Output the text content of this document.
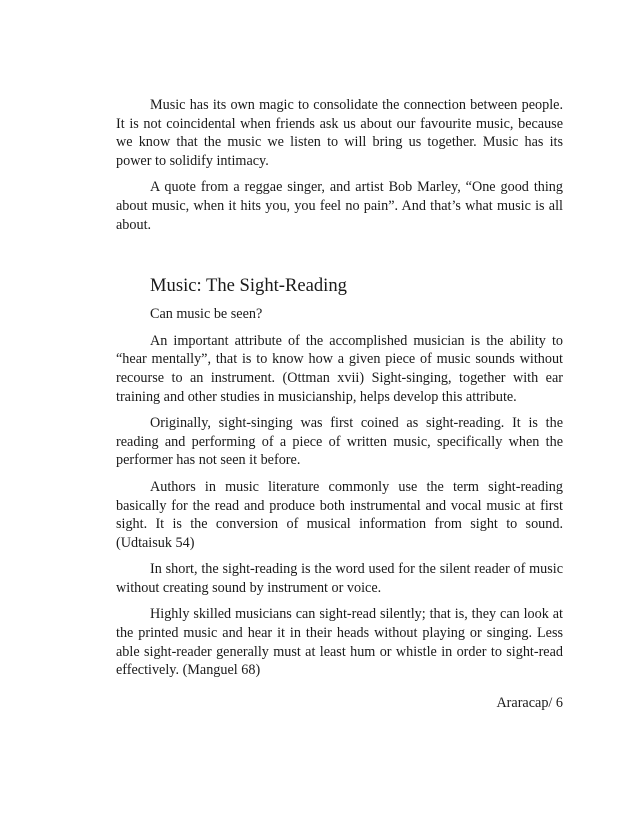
Music has its own magic to consolidate the connection between people. It is not coincidental when friends ask us about our favourite music, because we know that the music we listen to will bring us together. Music has its power to solidify intimacy.

A quote from a reggae singer, and artist Bob Marley, “One good thing about music, when it hits you, you feel no pain”. And that’s what music is all about.

Music: The Sight-Reading

Can music be seen?

An important attribute of the accomplished musician is the ability to “hear mentally”, that is to know how a given piece of music sounds without recourse to an instrument. (Ottman xvii) Sight-singing, together with ear training and other studies in musicianship, helps develop this attribute.

Originally, sight-singing was first coined as sight-reading. It is the reading and performing of a piece of written music, specifically when the performer has not seen it before.

Authors in music literature commonly use the term sight-reading basically for the read and produce both instrumental and vocal music at first sight. It is the conversion of musical information from sight to sound. (Udtaisuk 54)

In short, the sight-reading is the word used for the silent reader of music without creating sound by instrument or voice.

Highly skilled musicians can sight-read silently; that is, they can look at the printed music and hear it in their heads without playing or singing. Less able sight-reader generally must at least hum or whistle in order to sight-read effectively. (Manguel 68)

Araracap/ 6
